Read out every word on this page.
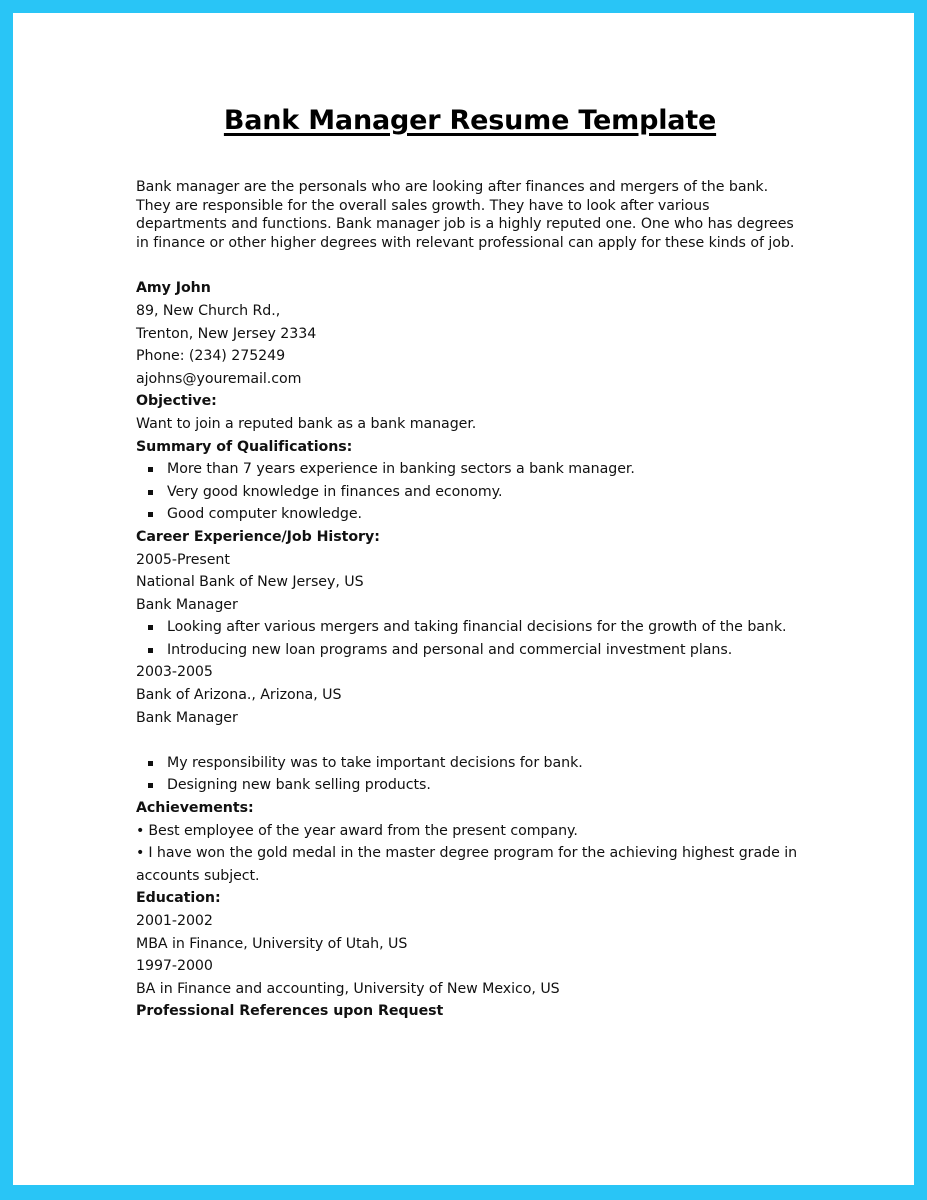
Bank Manager Resume Template
Bank manager are the personals who are looking after finances and mergers of the bank. They are responsible for the overall sales growth. They have to look after various departments and functions. Bank manager job is a highly reputed one. One who has degrees in finance or other higher degrees with relevant professional can apply for these kinds of job.
Amy John
89, New Church Rd.,
Trenton, New Jersey 2334
Phone: (234) 275249
ajohns@youremail.com
Objective:
Want to join a reputed bank as a bank manager.
Summary of Qualifications:
More than 7 years experience in banking sectors a bank manager.
Very good knowledge in finances and economy.
Good computer knowledge.
Career Experience/Job History:
2005-Present
National Bank of New Jersey, US
Bank Manager
Looking after various mergers and taking financial decisions for the growth of the bank.
Introducing new loan programs and personal and commercial investment plans.
2003-2005
Bank of Arizona., Arizona, US
Bank Manager
My responsibility was to take important decisions for bank.
Designing new bank selling products.
Achievements:
• Best employee of the year award from the present company.
• I have won the gold medal in the master degree program for the achieving highest grade in accounts subject.
Education:
2001-2002
MBA in Finance, University of Utah, US
1997-2000
BA in Finance and accounting, University of New Mexico, US
Professional References upon Request
